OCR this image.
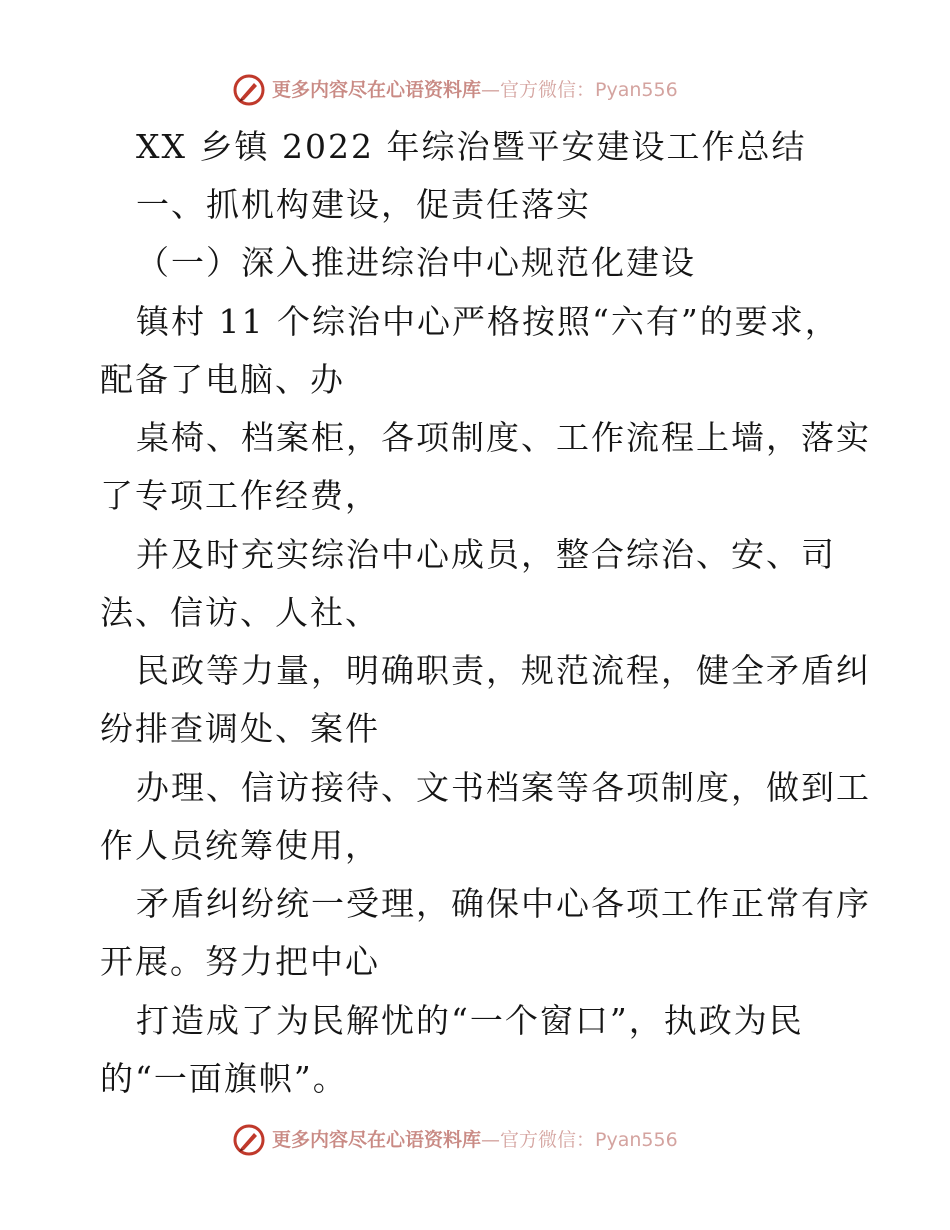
更多内容尽在心语资料库—官方微信：Pyan556
XX 乡镇 2022 年综治暨平安建设工作总结
一、抓机构建设，促责任落实
（一）深入推进综治中心规范化建设
镇村 11 个综治中心严格按照“六有”的要求，
配备了电脑、办
桌椅、档案柜，各项制度、工作流程上墙，落实
了专项工作经费，
并及时充实综治中心成员，整合综治、安、司
法、信访、人社、
民政等力量，明确职责，规范流程，健全矛盾纠
纷排查调处、案件
办理、信访接待、文书档案等各项制度，做到工
作人员统筹使用，
矛盾纠纷统一受理，确保中心各项工作正常有序
开展。努力把中心
打造成了为民解忧的“一个窗口”，执政为民
的“一面旗帜”。
更多内容尽在心语资料库—官方微信：Pyan556
